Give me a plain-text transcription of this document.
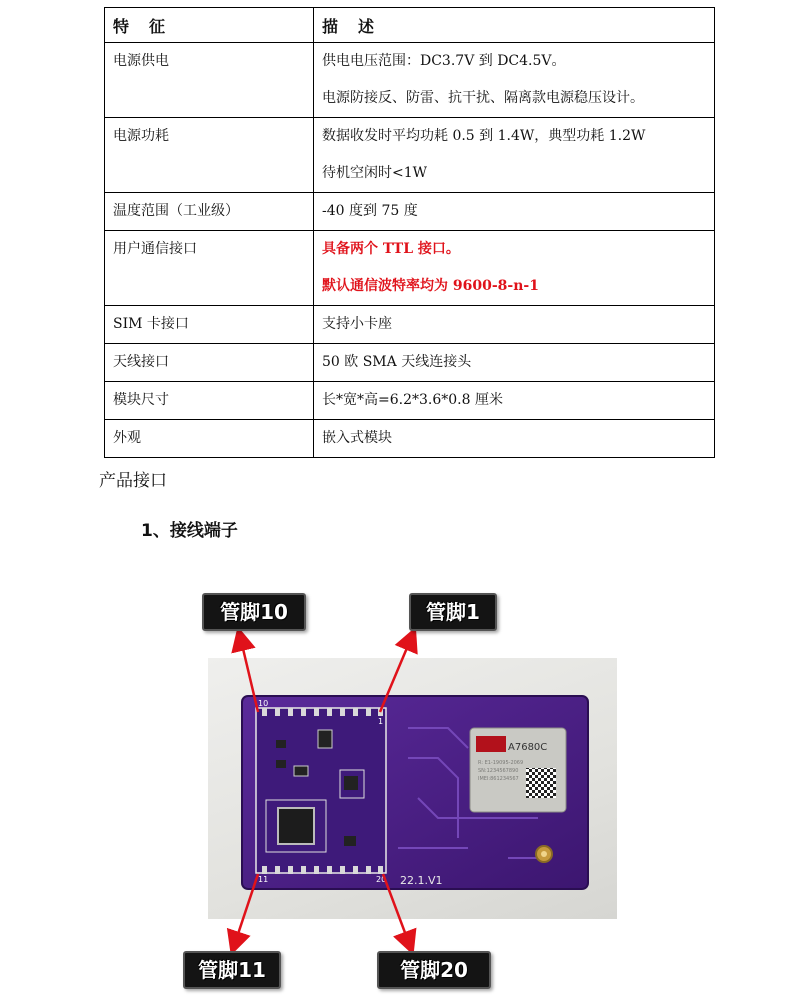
特　征	描　述

电源供电	供电电压范围：DC3.7V 到 DC4.5V。
电源防接反、防雷、抗干扰、隔离款电源稳压设计。

电源功耗	数据收发时平均功耗 0.5 到 1.4W，典型功耗 1.2W
待机空闲时<1W

温度范围（工业级）	-40 度到 75 度

用户通信接口	具备两个 TTL 接口。
默认通信波特率均为 9600-8-n-1

SIM 卡接口	支持小卡座

天线接口	50 欧 SMA 天线连接头

模块尺寸	长*宽*高=6.2*3.6*0.8 厘米

外观	嵌入式模块
产品接口
1、接线端子
A7680C
R: E1-19095-2069
SN:1234567890
IMEI:861234567
22.1.V1
10
1
11	20
管脚10	管脚1
管脚11	管脚20
